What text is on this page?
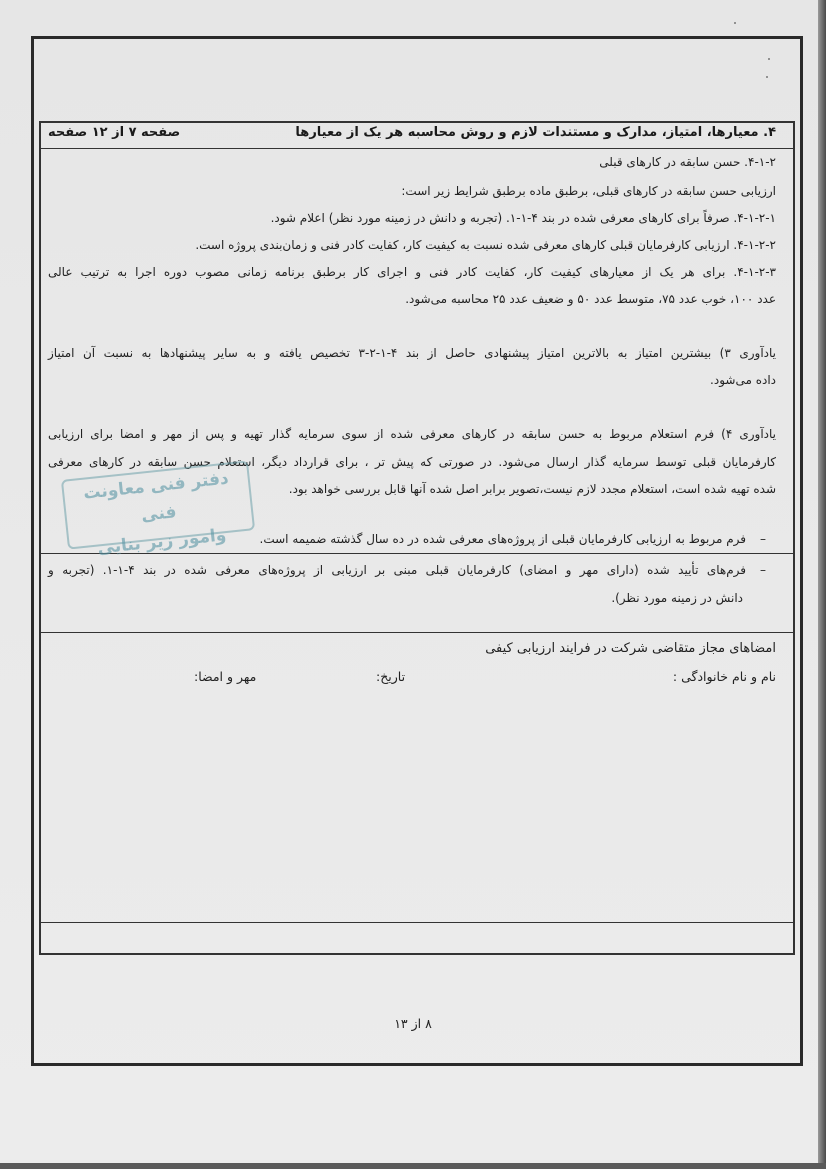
۴. معیارها، امتیاز، مدارک و مستندات لازم و روش محاسبه هر یک از معیارها
صفحه ۷ از ۱۲ صفحه
۴-۱-۲. حسن سابقه در کارهای قبلی
ارزیابی حسن سابقه در کارهای قبلی، برطبق ماده برطبق شرایط زیر است:
۴-۱-۲-۱. صرفاً برای کارهای معرفی شده در بند ۴-۱-۱. (تجربه و دانش در زمینه مورد نظر) اعلام شود.
۴-۱-۲-۲. ارزیابی کارفرمایان قبلی کارهای معرفی شده نسبت به کیفیت کار، کفایت کادر فنی و زمان‌بندی پروژه است.
۴-۱-۲-۳. برای هر یک از معیارهای کیفیت کار، کفایت کادر فنی و اجرای کار برطبق برنامه زمانی مصوب دوره اجرا به ترتیب عالی
عدد ۱۰۰، خوب عدد ۷۵، متوسط عدد ۵۰ و ضعیف عدد ۲۵ محاسبه می‌شود.
یادآوری ۳) بیشترین امتیاز به بالاترین امتیاز پیشنهادی حاصل از بند ۴-۱-۲-۳ تخصیص یافته و به سایر پیشنهادها به نسبت آن امتیاز
داده می‌شود.
یادآوری ۴) فرم استعلام مربوط به حسن سابقه در کارهای معرفی شده از سوی سرمایه گذار تهیه و پس از مهر و امضا برای ارزیابی
کارفرمایان قبلی توسط سرمایه گذار ارسال می‌شود. در صورتی که پیش تر ، برای قرارداد دیگر، استعلام حسن سابقه در کارهای معرفی
شده تهیه شده است، استعلام مجدد لازم نیست،تصویر برابر اصل شده آنها قابل بررسی خواهد بود.
دفتر فنی معاونت فنی
وامور زیر بنایی	–فرم مربوط به ارزیابی کارفرمایان قبلی از پروژه‌های معرفی شده در ده سال گذشته ضمیمه است.
–فرم‌های تأیید شده (دارای مهر و امضای) کارفرمایان قبلی مبنی بر ارزیابی از پروژه‌های معرفی شده در بند ۴-۱-۱. (تجربه و
دانش در زمینه مورد نظر).
امضاهای مجاز متقاضی شرکت در فرایند ارزیابی کیفی
نام و نام خانوادگی :
تاریخ:
مهر و امضا:
۸ از ۱۳
